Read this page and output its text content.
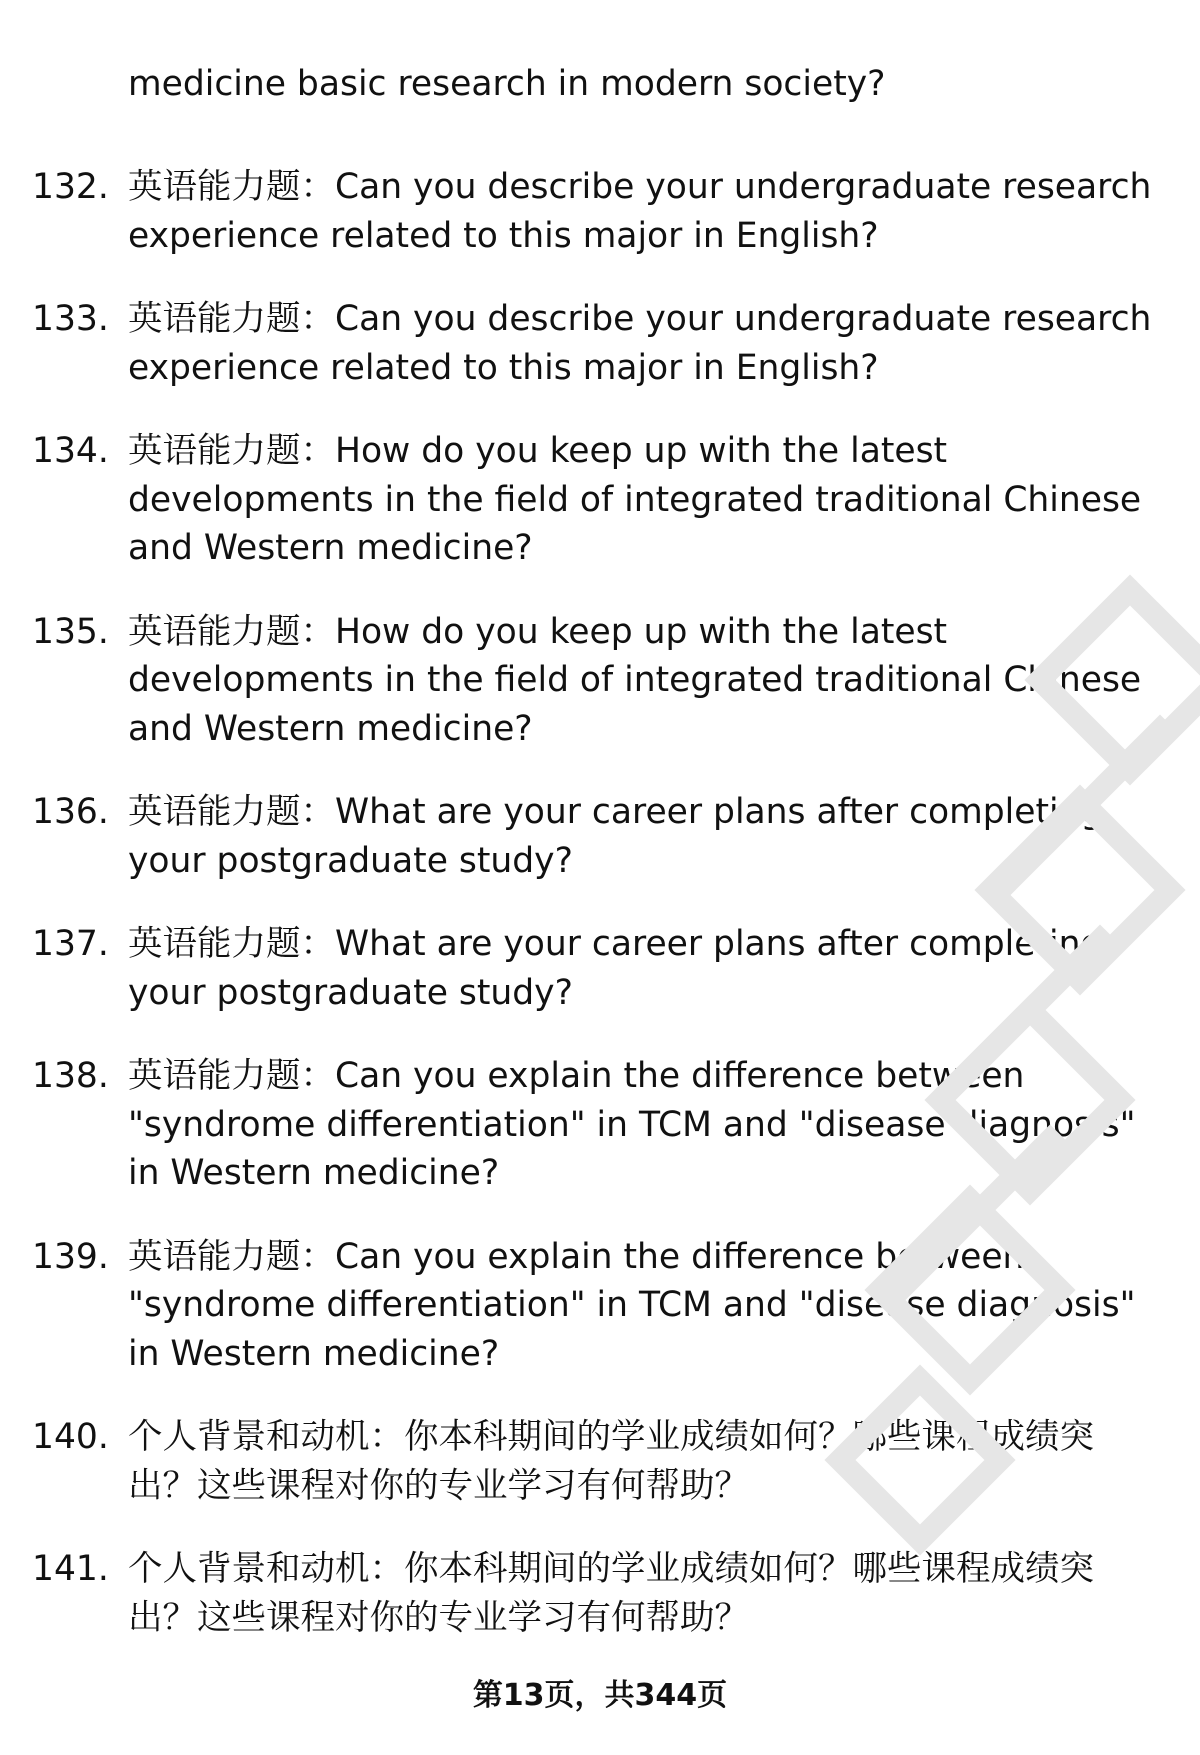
medicine basic research in modern society?
132. 英语能力题：Can you describe your undergraduate research experience related to this major in English?
133. 英语能力题：Can you describe your undergraduate research experience related to this major in English?
134. 英语能力题：How do you keep up with the latest developments in the field of integrated traditional Chinese and Western medicine?
135. 英语能力题：How do you keep up with the latest developments in the field of integrated traditional Chinese and Western medicine?
136. 英语能力题：What are your career plans after completing your postgraduate study?
137. 英语能力题：What are your career plans after completing your postgraduate study?
138. 英语能力题：Can you explain the difference between "syndrome differentiation" in TCM and "disease diagnosis" in Western medicine?
139. 英语能力题：Can you explain the difference between "syndrome differentiation" in TCM and "disease diagnosis" in Western medicine?
140. 个人背景和动机：你本科期间的学业成绩如何？哪些课程成绩突出？这些课程对你的专业学习有何帮助？
141. 个人背景和动机：你本科期间的学业成绩如何？哪些课程成绩突出？这些课程对你的专业学习有何帮助？
第13页，共344页
